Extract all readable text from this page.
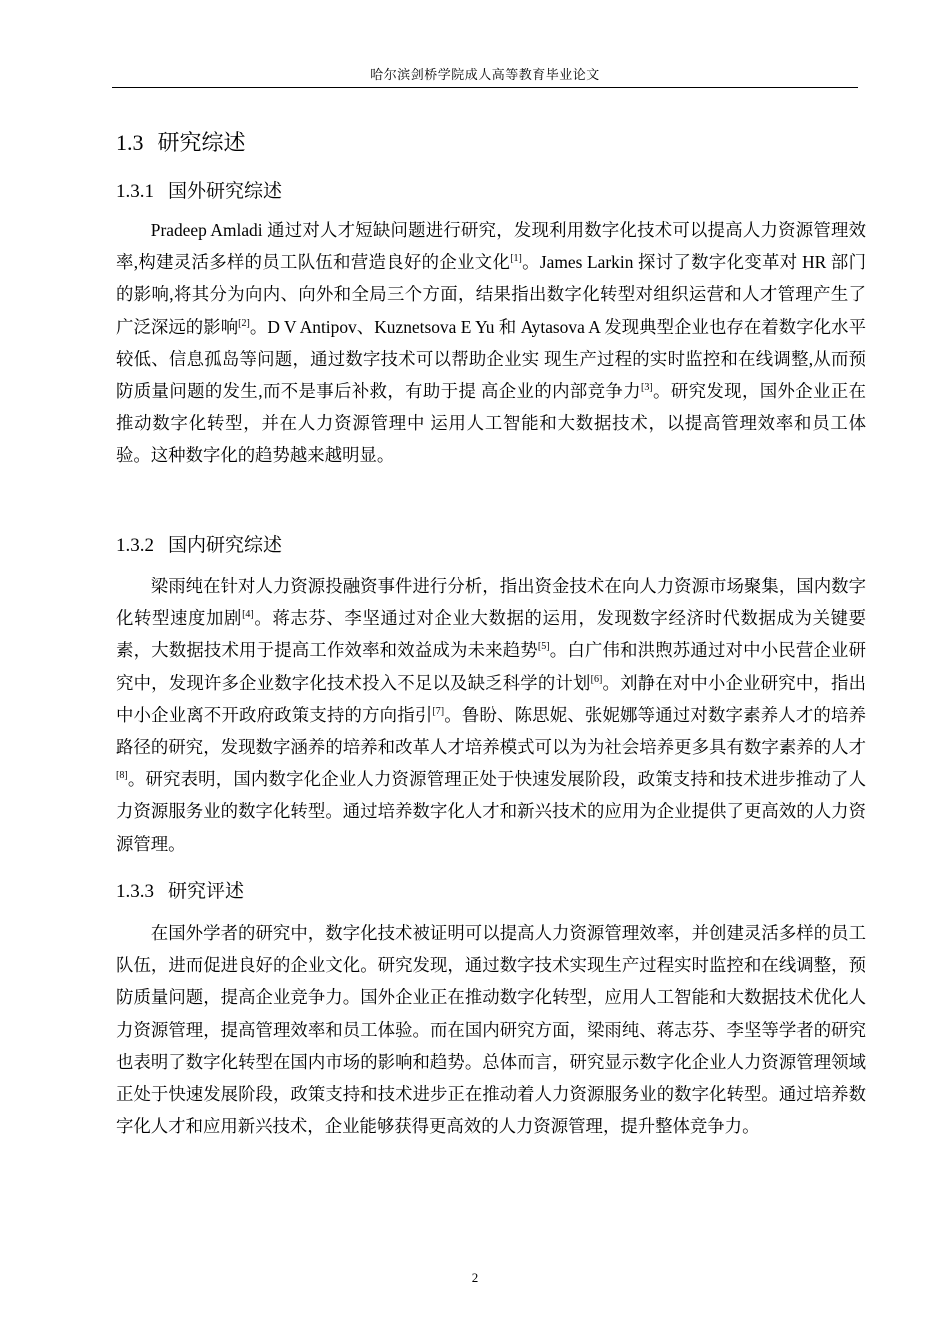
哈尔滨剑桥学院成人高等教育毕业论文
1.3 研究综述
1.3.1 国外研究综述

Pradeep Amladi 通过对人才短缺问题进行研究，发现利用数字化技术可以提高人力资源管理效率,构建灵活多样的员工队伍和营造良好的企业文化[1]。James Larkin 探讨了数字化变革对 HR 部门的影响,将其分为向内、向外和全局三个方面，结果指出数字化转型对组织运营和人才管理产生了广泛深远的影响[2]。D V Antipov、Kuznetsova E Yu 和 Aytasova A 发现典型企业也存在着数字化水平较低、信息孤岛等问题，通过数字技术可以帮助企业实 现生产过程的实时监控和在线调整,从而预防质量问题的发生,而不是事后补救，有助于提 高企业的内部竞争力[3]。研究发现，国外企业正在推动数字化转型，并在人力资源管理中 运用人工智能和大数据技术，以提高管理效率和员工体验。这种数字化的趋势越来越明显。

1.3.2 国内研究综述

梁雨纯在针对人力资源投融资事件进行分析，指出资金技术在向人力资源市场聚集，国内数字化转型速度加剧[4]。蒋志芬、李坚通过对企业大数据的运用，发现数字经济时代数据成为关键要素，大数据技术用于提高工作效率和效益成为未来趋势[5]。白广伟和洪煦苏通过对中小民营企业研究中，发现许多企业数字化技术投入不足以及缺乏科学的计划[6]。刘静在对中小企业研究中，指出中小企业离不开政府政策支持的方向指引[7]。鲁盼、陈思妮、张妮娜等通过对数字素养人才的培养路径的研究，发现数字涵养的培养和改革人才培养模式可以为为社会培养更多具有数字素养的人才[8]。研究表明，国内数字化企业人力资源管理正处于快速发展阶段，政策支持和技术进步推动了人力资源服务业的数字化转型。通过培养数字化人才和新兴技术的应用为企业提供了更高效的人力资源管理。

1.3.3 研究评述

在国外学者的研究中，数字化技术被证明可以提高人力资源管理效率，并创建灵活多样的员工队伍，进而促进良好的企业文化。研究发现，通过数字技术实现生产过程实时监控和在线调整，预防质量问题，提高企业竞争力。国外企业正在推动数字化转型，应用人工智能和大数据技术优化人力资源管理，提高管理效率和员工体验。而在国内研究方面，梁雨纯、蒋志芬、李坚等学者的研究也表明了数字化转型在国内市场的影响和趋势。总体而言，研究显示数字化企业人力资源管理领域正处于快速发展阶段，政策支持和技术进步正在推动着人力资源服务业的数字化转型。通过培养数字化人才和应用新兴技术，企业能够获得更高效的人力资源管理，提升整体竞争力。

2
